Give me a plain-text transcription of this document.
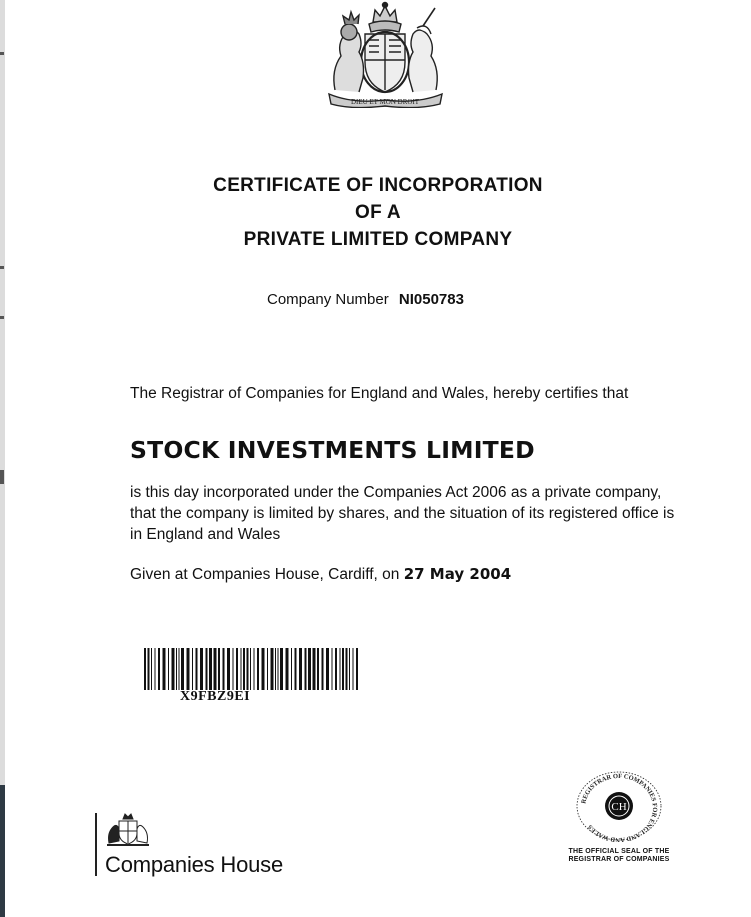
DIEU ET MON DROIT
CERTIFICATE OF INCORPORATION
OF A
PRIVATE LIMITED COMPANY
Company Number NI050783
The Registrar of Companies for England and Wales, hereby certifies that
STOCK INVESTMENTS LIMITED
is this day incorporated under the Companies Act 2006 as a private company, that the company is limited by shares, and the situation of its registered office is in England and Wales
Given at Companies House, Cardiff, on 27 May 2004
X9FBZ9EI
Companies House
REGISTRAR OF COMPANIES FOR ENGLAND AND WALES
CH
THE OFFICIAL SEAL OF THE
REGISTRAR OF COMPANIES
